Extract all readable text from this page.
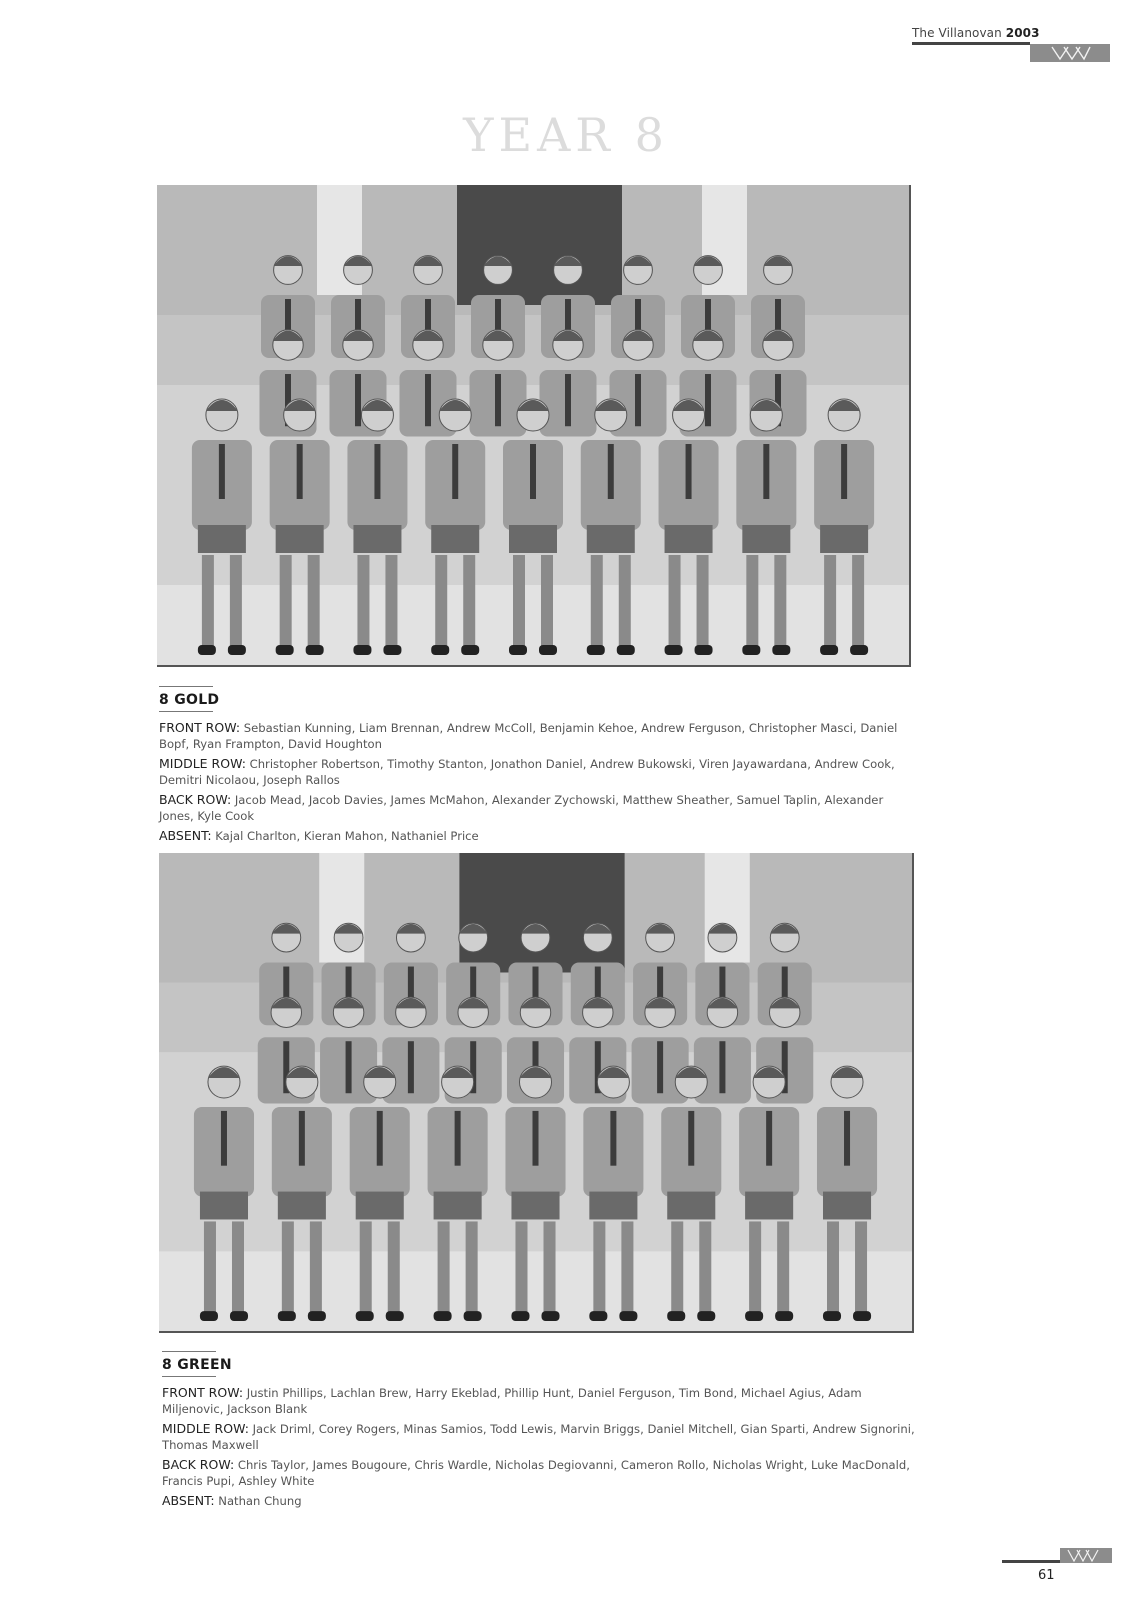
The Villanovan 2003
YEAR 8
8 GOLD
FRONT ROW: Sebastian Kunning, Liam Brennan, Andrew McColl, Benjamin Kehoe, Andrew Ferguson, Christopher Masci, Daniel Bopf, Ryan Frampton, David Houghton
MIDDLE ROW: Christopher Robertson, Timothy Stanton, Jonathon Daniel, Andrew Bukowski, Viren Jayawardana, Andrew Cook, Demitri Nicolaou, Joseph Rallos
BACK ROW: Jacob Mead, Jacob Davies, James McMahon, Alexander Zychowski, Matthew Sheather, Samuel Taplin, Alexander Jones, Kyle Cook
ABSENT: Kajal Charlton, Kieran Mahon, Nathaniel Price
8 GREEN
FRONT ROW: Justin Phillips, Lachlan Brew, Harry Ekeblad, Phillip Hunt, Daniel Ferguson, Tim Bond, Michael Agius, Adam Miljenovic, Jackson Blank
MIDDLE ROW: Jack Driml, Corey Rogers, Minas Samios, Todd Lewis, Marvin Briggs, Daniel Mitchell, Gian Sparti, Andrew Signorini, Thomas Maxwell
BACK ROW: Chris Taylor, James Bougoure, Chris Wardle, Nicholas Degiovanni, Cameron Rollo, Nicholas Wright, Luke MacDonald, Francis Pupi, Ashley White
ABSENT: Nathan Chung
61
